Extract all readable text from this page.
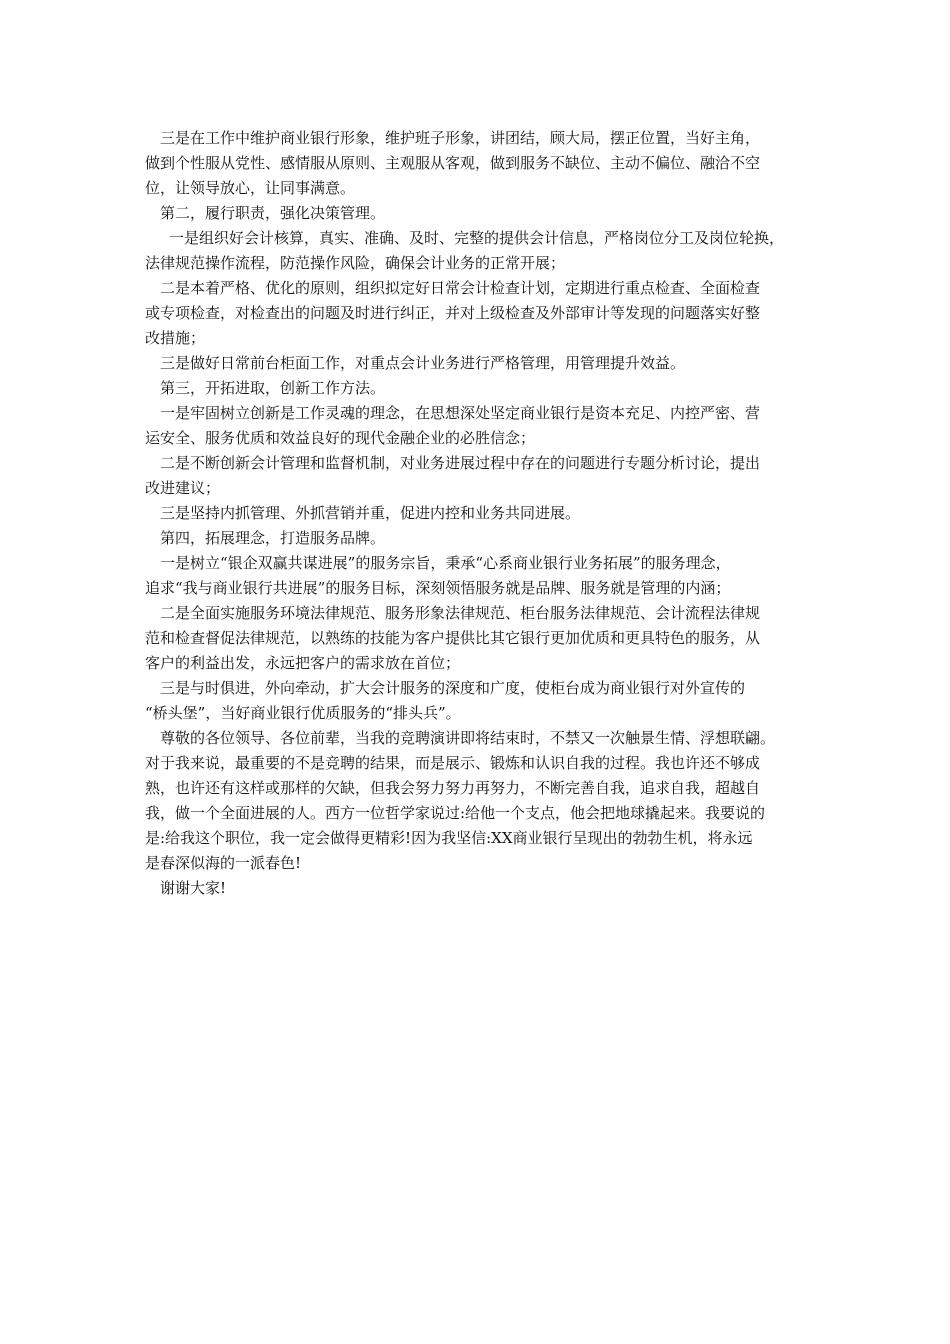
三是在工作中维护商业银行形象，维护班子形象，讲团结，顾大局，摆正位置，当好主角，

做到个性服从党性、感情服从原则、主观服从客观，做到服务不缺位、主动不偏位、融洽不空

位，让领导放心，让同事满意。

第二，履行职责，强化决策管理。

一是组织好会计核算，真实、准确、及时、完整的提供会计信息，严格岗位分工及岗位轮换，

法律规范操作流程，防范操作风险，确保会计业务的正常开展；

二是本着严格、优化的原则，组织拟定好日常会计检查计划，定期进行重点检查、全面检查

或专项检查，对检查出的问题及时进行纠正，并对上级检查及外部审计等发现的问题落实好整

改措施；

三是做好日常前台柜面工作，对重点会计业务进行严格管理，用管理提升效益。

第三，开拓进取，创新工作方法。

一是牢固树立创新是工作灵魂的理念，在思想深处坚定商业银行是资本充足、内控严密、营

运安全、服务优质和效益良好的现代金融企业的必胜信念；

二是不断创新会计管理和监督机制，对业务进展过程中存在的问题进行专题分析讨论，提出

改进建议；

三是坚持内抓管理、外抓营销并重，促进内控和业务共同进展。

第四，拓展理念，打造服务品牌。

一是树立“银企双赢共谋进展”的服务宗旨，秉承“心系商业银行业务拓展”的服务理念，

追求“我与商业银行共进展”的服务目标，深刻领悟服务就是品牌、服务就是管理的内涵；

二是全面实施服务环境法律规范、服务形象法律规范、柜台服务法律规范、会计流程法律规

范和检查督促法律规范，以熟练的技能为客户提供比其它银行更加优质和更具特色的服务，从

客户的利益出发，永远把客户的需求放在首位；

三是与时俱进，外向牵动，扩大会计服务的深度和广度，使柜台成为商业银行对外宣传的

“桥头堡”，当好商业银行优质服务的“排头兵”。

尊敬的各位领导、各位前辈，当我的竞聘演讲即将结束时，不禁又一次触景生情、浮想联翩。

对于我来说，最重要的不是竞聘的结果，而是展示、锻炼和认识自我的过程。我也许还不够成

熟，也许还有这样或那样的欠缺，但我会努力努力再努力，不断完善自我，追求自我，超越自

我，做一个全面进展的人。西方一位哲学家说过:给他一个支点，他会把地球撬起来。我要说的

是:给我这个职位，我一定会做得更精彩!因为我坚信:XX商业银行呈现出的勃勃生机，将永远

是春深似海的一派春色!

谢谢大家!
